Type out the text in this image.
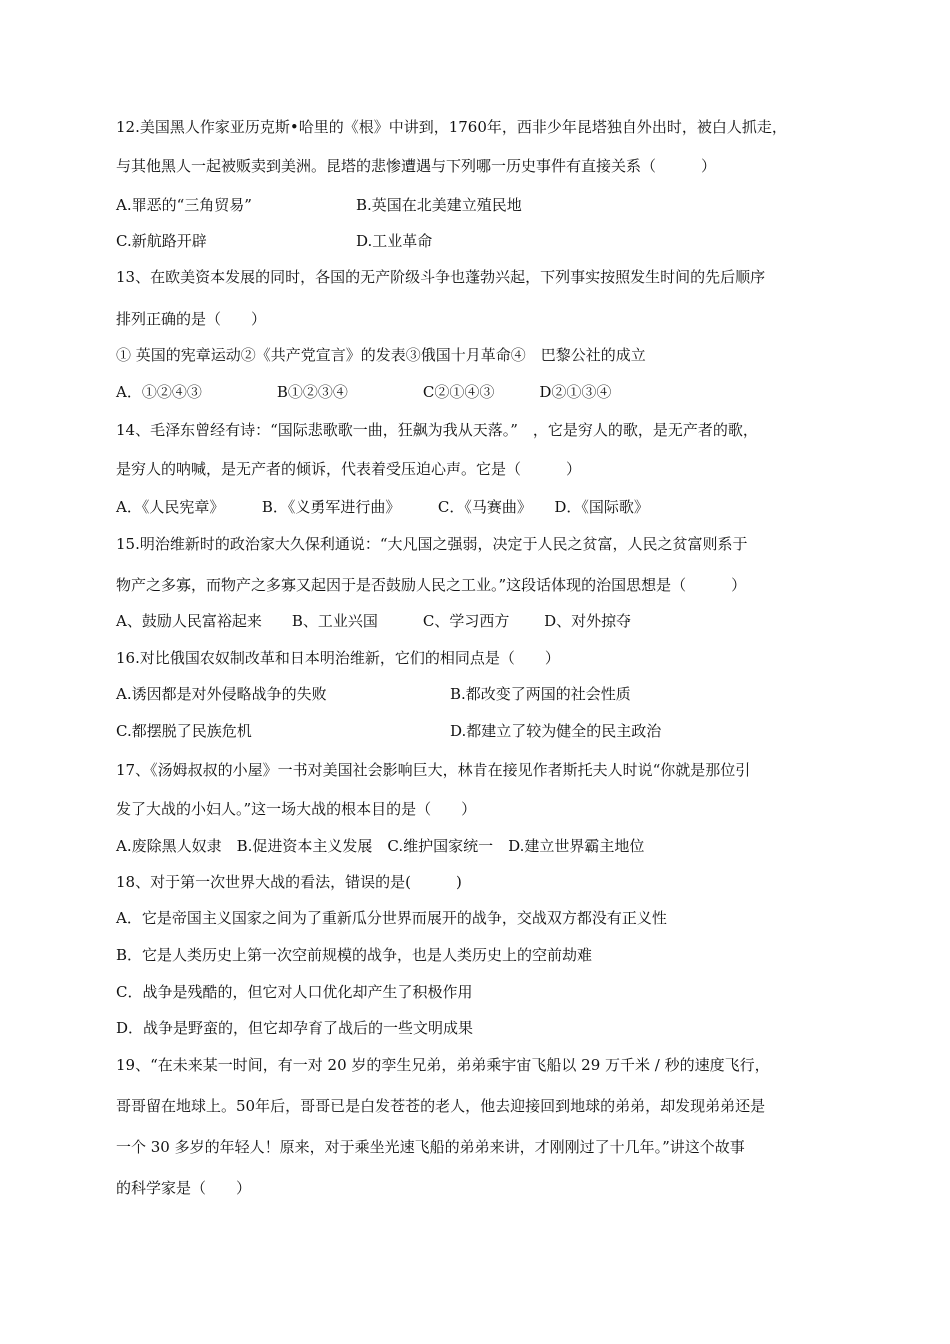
12.美国黑人作家亚历克斯•哈里的《根》中讲到，1760年，西非少年昆塔独自外出时，被白人抓走，

与其他黑人一起被贩卖到美洲。昆塔的悲惨遭遇与下列哪一历史事件有直接关系（　　　）

A.罪恶的“三角贸易”	B.英国在北美建立殖民地
C.新航路开辟	D.工业革命

13、在欧美资本发展的同时，各国的无产阶级斗争也蓬勃兴起，下列事实按照发生时间的先后顺序

排列正确的是（　　）

① 英国的宪章运动②《共产党宣言》的发表③俄国十月革命④　巴黎公社的成立

A．①②④③　　　　　B①②③④　　　　　C②①④③　　　D②①③④

14、毛泽东曾经有诗：“国际悲歌歌一曲，狂飙为我从天落。”　，它是穷人的歌，是无产者的歌，

是穷人的呐喊，是无产者的倾诉，代表着受压迫心声。它是（　　　）

A．《人民宪章》　　　B．《义勇军进行曲》　　　C．《马赛曲》　　D．《国际歌》

15.明治维新时的政治家大久保利通说：“大凡国之强弱，决定于人民之贫富，人民之贫富则系于

物产之多寡，而物产之多寡又起因于是否鼓励人民之工业。”这段话体现的治国思想是（　　　）

A、鼓励人民富裕起来　　B、工业兴国　　　C、学习西方　　 D、对外掠夺

16.对比俄国农奴制改革和日本明治维新，它们的相同点是（　　）

A.诱因都是对外侵略战争的失败	B.都改变了两国的社会性质
C.都摆脱了民族危机	D.都建立了较为健全的民主政治

17、《汤姆叔叔的小屋》一书对美国社会影响巨大，林肯在接见作者斯托夫人时说“你就是那位引

发了大战的小妇人。”这一场大战的根本目的是（　　）

A.废除黑人奴隶　B.促进资本主义发展　C.维护国家统一　D.建立世界霸主地位

18、对于第一次世界大战的看法，错误的是(　　　)

A．它是帝国主义国家之间为了重新瓜分世界而展开的战争，交战双方都没有正义性

B．它是人类历史上第一次空前规模的战争，也是人类历史上的空前劫难

C．战争是残酷的，但它对人口优化却产生了积极作用

D．战争是野蛮的，但它却孕育了战后的一些文明成果

19、“在未来某一时间，有一对 20 岁的孪生兄弟，弟弟乘宇宙飞船以 29 万千米 / 秒的速度飞行，

哥哥留在地球上。50年后，哥哥已是白发苍苍的老人，他去迎接回到地球的弟弟，却发现弟弟还是

一个 30 多岁的年轻人！原来，对于乘坐光速飞船的弟弟来讲，才刚刚过了十几年。”讲这个故事

的科学家是（　　）
